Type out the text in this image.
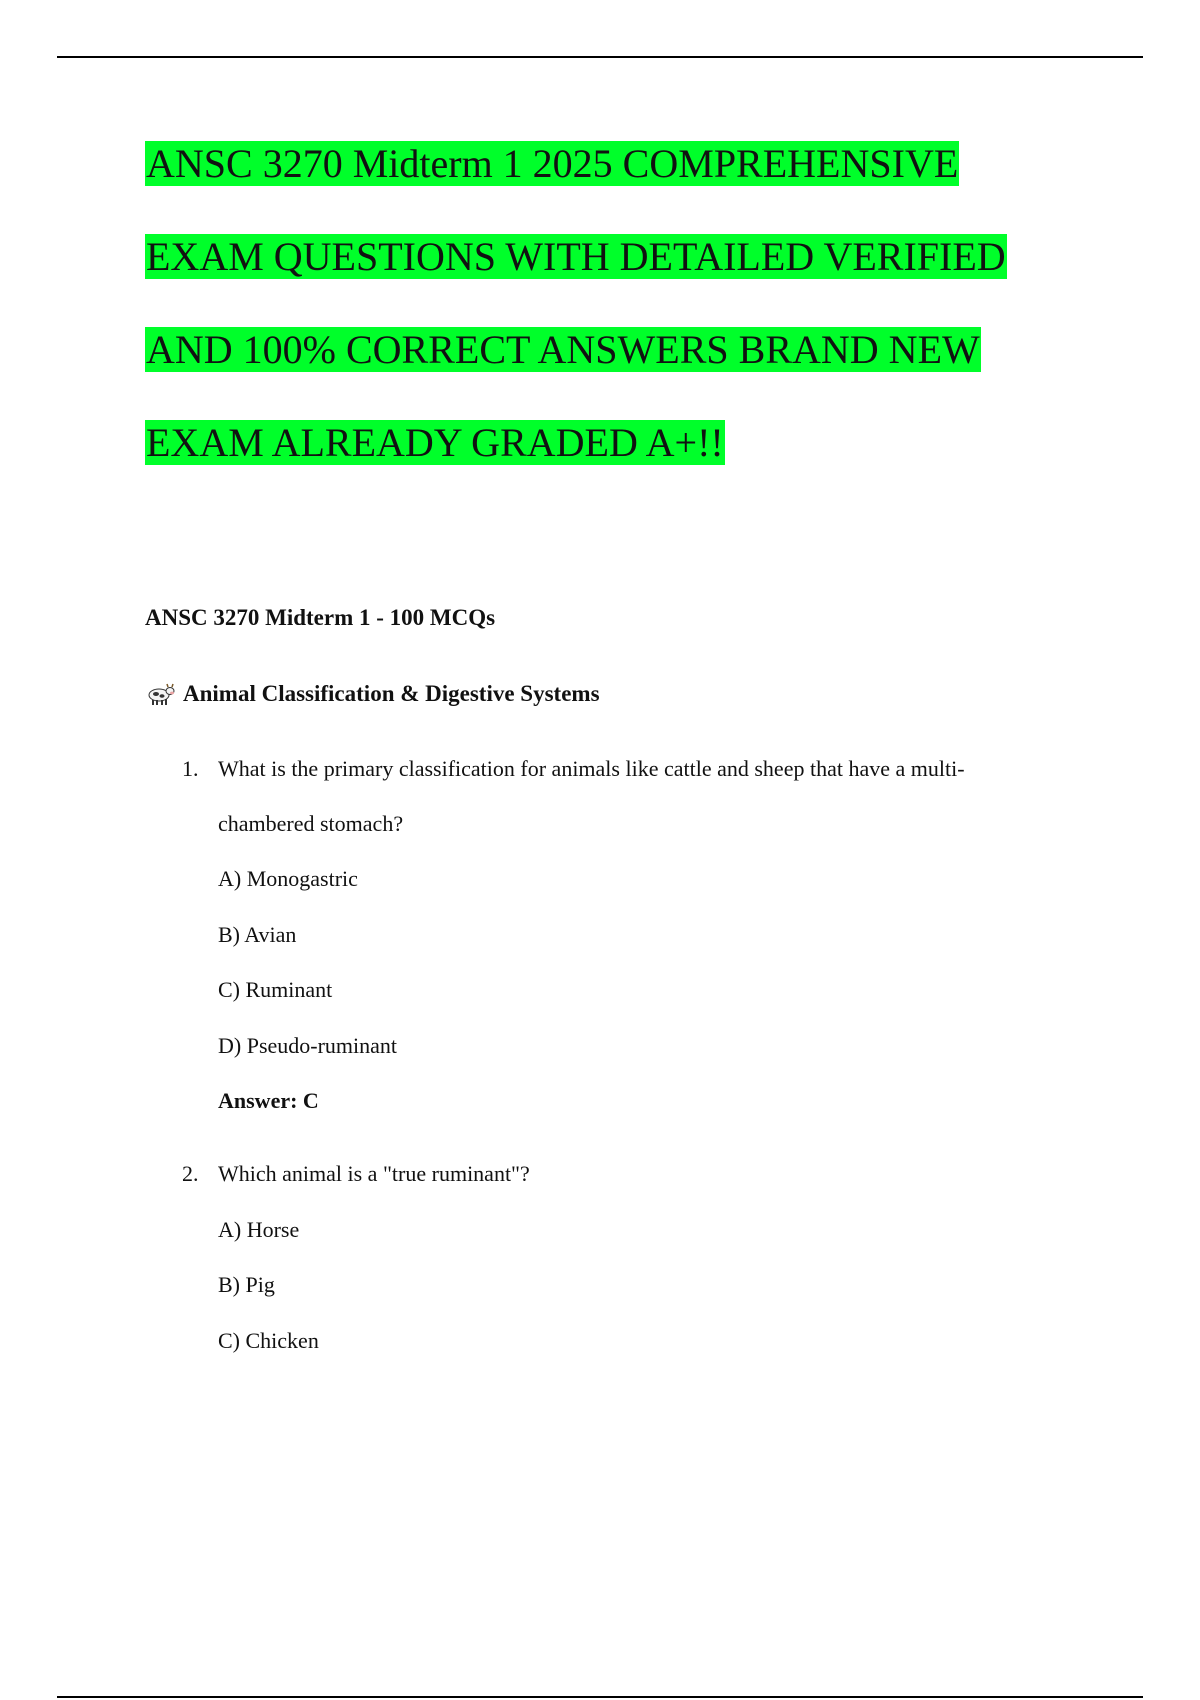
ANSC 3270 Midterm 1 2025 COMPREHENSIVE
EXAM QUESTIONS WITH DETAILED VERIFIED
AND 100% CORRECT ANSWERS BRAND NEW
EXAM ALREADY GRADED A+!!
ANSC 3270 Midterm 1 - 100 MCQs
Animal Classification & Digestive Systems
1. What is the primary classification for animals like cattle and sheep that have a multi-
chambered stomach?
A) Monogastric
B) Avian
C) Ruminant
D) Pseudo-ruminant
Answer: C
2. Which animal is a "true ruminant"?
A) Horse
B) Pig
C) Chicken
